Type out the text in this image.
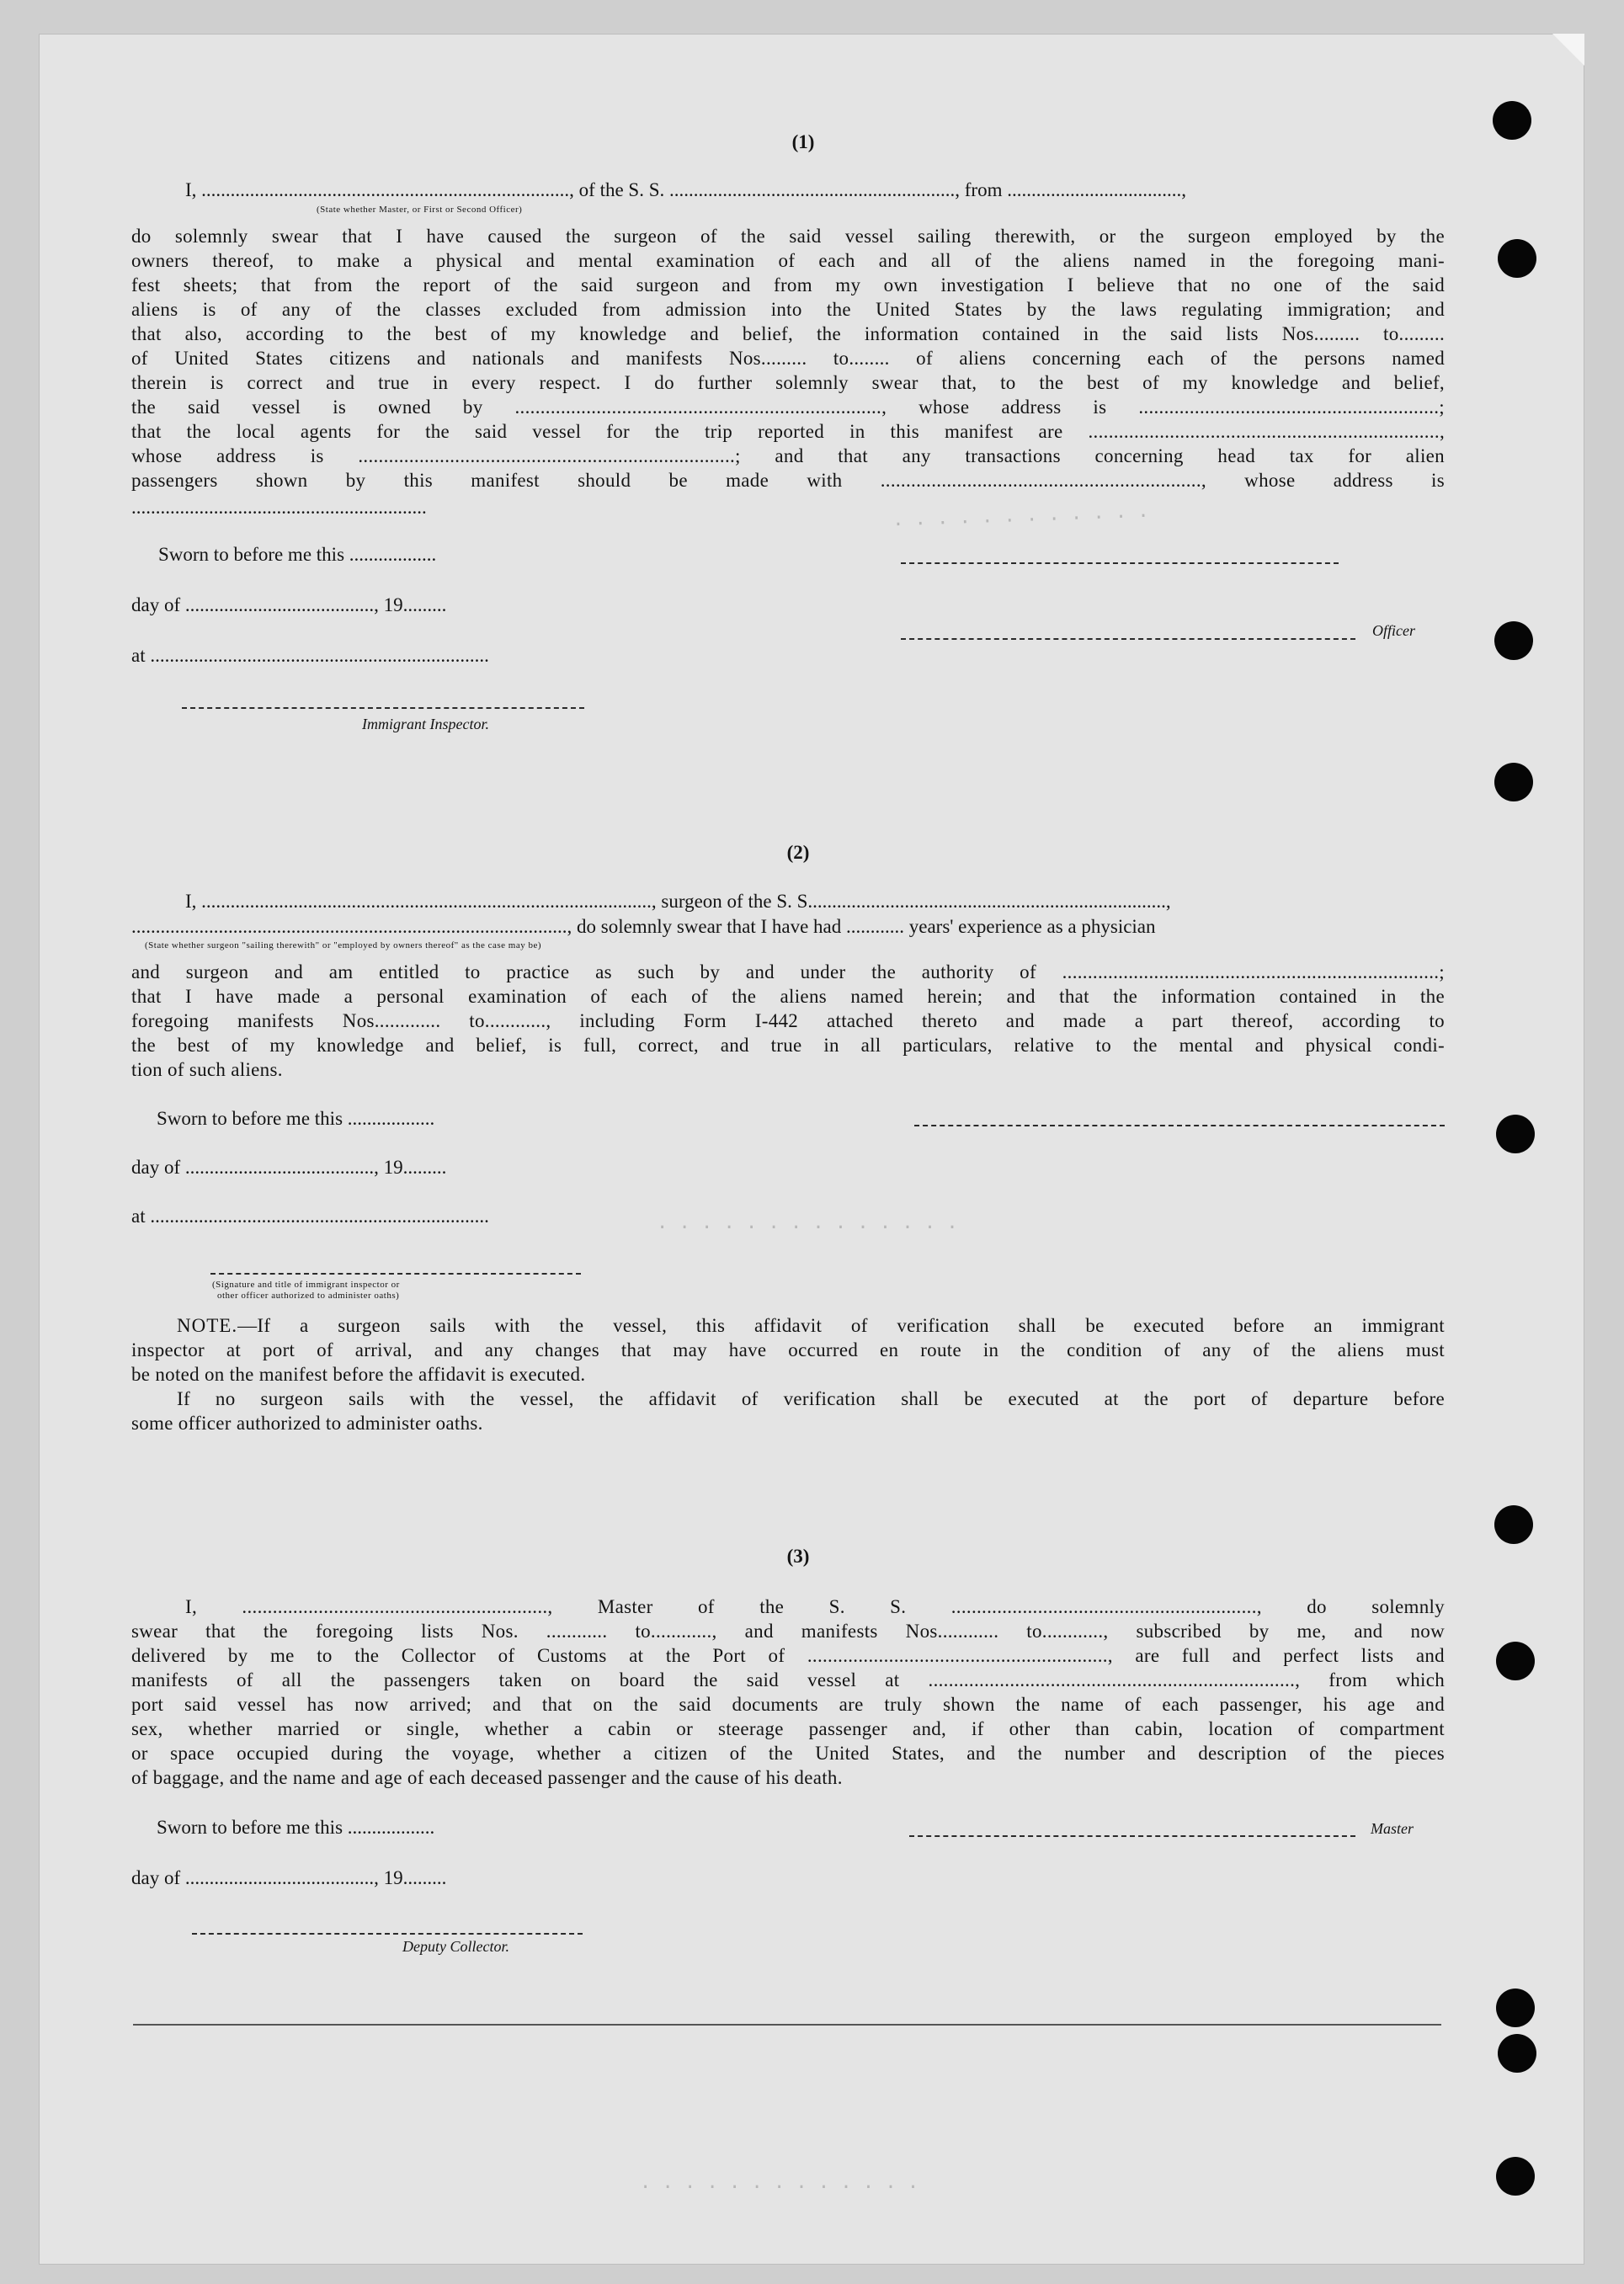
. . . . . . . . . . . .
. . . . . . . . . . . . . .
. . . . . . . . . . . . .
(1)
I, ............................................................................, of the S. S. ..........................................................., from ....................................,
(State whether Master, or First or Second Officer)
do solemnly swear that I have caused the surgeon of the said vessel sailing therewith, or the surgeon employed by the
owners thereof, to make a physical and mental examination of each and all of the aliens named in the foregoing mani-
fest sheets; that from the report of the said surgeon and from my own investigation I believe that no one of the said
aliens is of any of the classes excluded from admission into the United States by the laws regulating immigration; and
that also, according to the best of my knowledge and belief, the information contained in the said lists Nos......... to.........
of United States citizens and nationals and manifests Nos......... to........ of aliens concerning each of the persons named
therein is correct and true in every respect. I do further solemnly swear that, to the best of my knowledge and belief,
the said vessel is owned by ........................................................................, whose address is ...........................................................;
that the local agents for the said vessel for the trip reported in this manifest are .....................................................................,
whose address is ..........................................................................; and that any transactions concerning head tax for alien
passengers shown by this manifest should be made with ..............................................................., whose address is
.............................................................
Sworn to before me this ..................
day of ......................................., 19.........
Officer
at ......................................................................
Immigrant Inspector.
(2)
I, ............................................................................................., surgeon of the S. S..........................................................................,
.........................................................................................., do solemnly swear that I have had ............ years' experience as a physician
(State whether surgeon "sailing therewith" or "employed by owners thereof" as the case may be)
and surgeon and am entitled to practice as such by and under the authority of ..........................................................................;
that I have made a personal examination of each of the aliens named herein; and that the information contained in the
foregoing manifests Nos............. to............, including Form I-442 attached thereto and made a part thereof, according to
the best of my knowledge and belief, is full, correct, and true in all particulars, relative to the mental and physical condi-
tion of such aliens.
Sworn to before me this ..................
day of ......................................., 19.........
at ......................................................................
(Signature and title of immigrant inspector or
other officer authorized to administer oaths)
NOTE.—If a surgeon sails with the vessel, this affidavit of verification shall be executed before an immigrant
inspector at port of arrival, and any changes that may have occurred en route in the condition of any of the aliens must
be noted on the manifest before the affidavit is executed.
If no surgeon sails with the vessel, the affidavit of verification shall be executed at the port of departure before
some officer authorized to administer oaths.
(3)
I, ............................................................, Master of the S. S. ............................................................, do solemnly
swear that the foregoing lists Nos. ............ to............, and manifests Nos............ to............, subscribed by me, and now
delivered by me to the Collector of Customs at the Port of ..........................................................., are full and perfect lists and
manifests of all the passengers taken on board the said vessel at ........................................................................, from which
port said vessel has now arrived; and that on the said documents are truly shown the name of each passenger, his age and
sex, whether married or single, whether a cabin or steerage passenger and, if other than cabin, location of compartment
or space occupied during the voyage, whether a citizen of the United States, and the number and description of the pieces
of baggage, and the name and age of each deceased passenger and the cause of his death.
Sworn to before me this ..................	Master
day of ......................................., 19.........
Deputy Collector.
